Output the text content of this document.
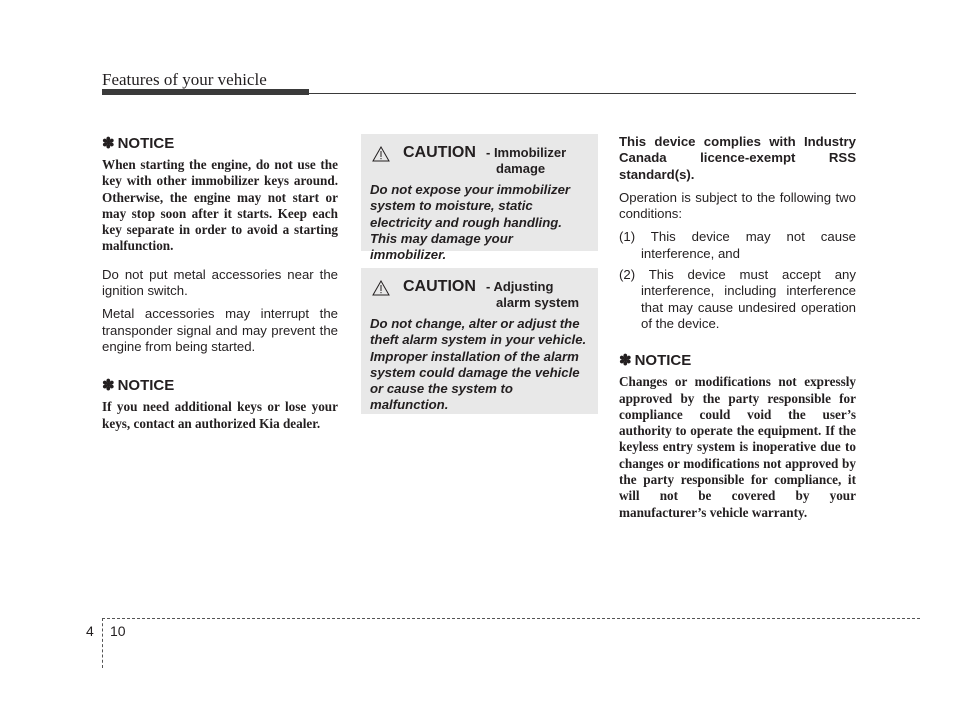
Features of your vehicle
✽ NOTICE

When starting the engine, do not use the key with other immobilizer keys around. Otherwise, the engine may not start or may stop soon after it starts. Keep each key separate in order to avoid a starting malfunction.

Do not put metal accessories near the ignition switch.

Metal accessories may interrupt the transponder signal and may prevent the engine from being started.

✽ NOTICE

If you need additional keys or lose your keys, contact an authorized Kia dealer.

CAUTION - Immobilizer
damage

Do not expose your immobilizer system to moisture, static electricity and rough handling. This may damage your immobilizer.

CAUTION - Adjusting
alarm system

Do not change, alter or adjust the theft alarm system in your vehicle. Improper installation of the alarm system could damage the vehicle or cause the system to malfunction.

This device complies with Industry Canada licence-exempt RSS standard(s).

Operation is subject to the following two conditions:

(1) This device may not cause interference, and
(2) This device must accept any interference, including interference that may cause undesired operation of the device.
✽ NOTICE

Changes or modifications not expressly approved by the party responsible for compliance could void the user’s authority to operate the equipment. If the keyless entry system is inoperative due to changes or modifications not approved by the party responsible for compliance, it will not be covered by your manufacturer’s vehicle warranty.

4 10
